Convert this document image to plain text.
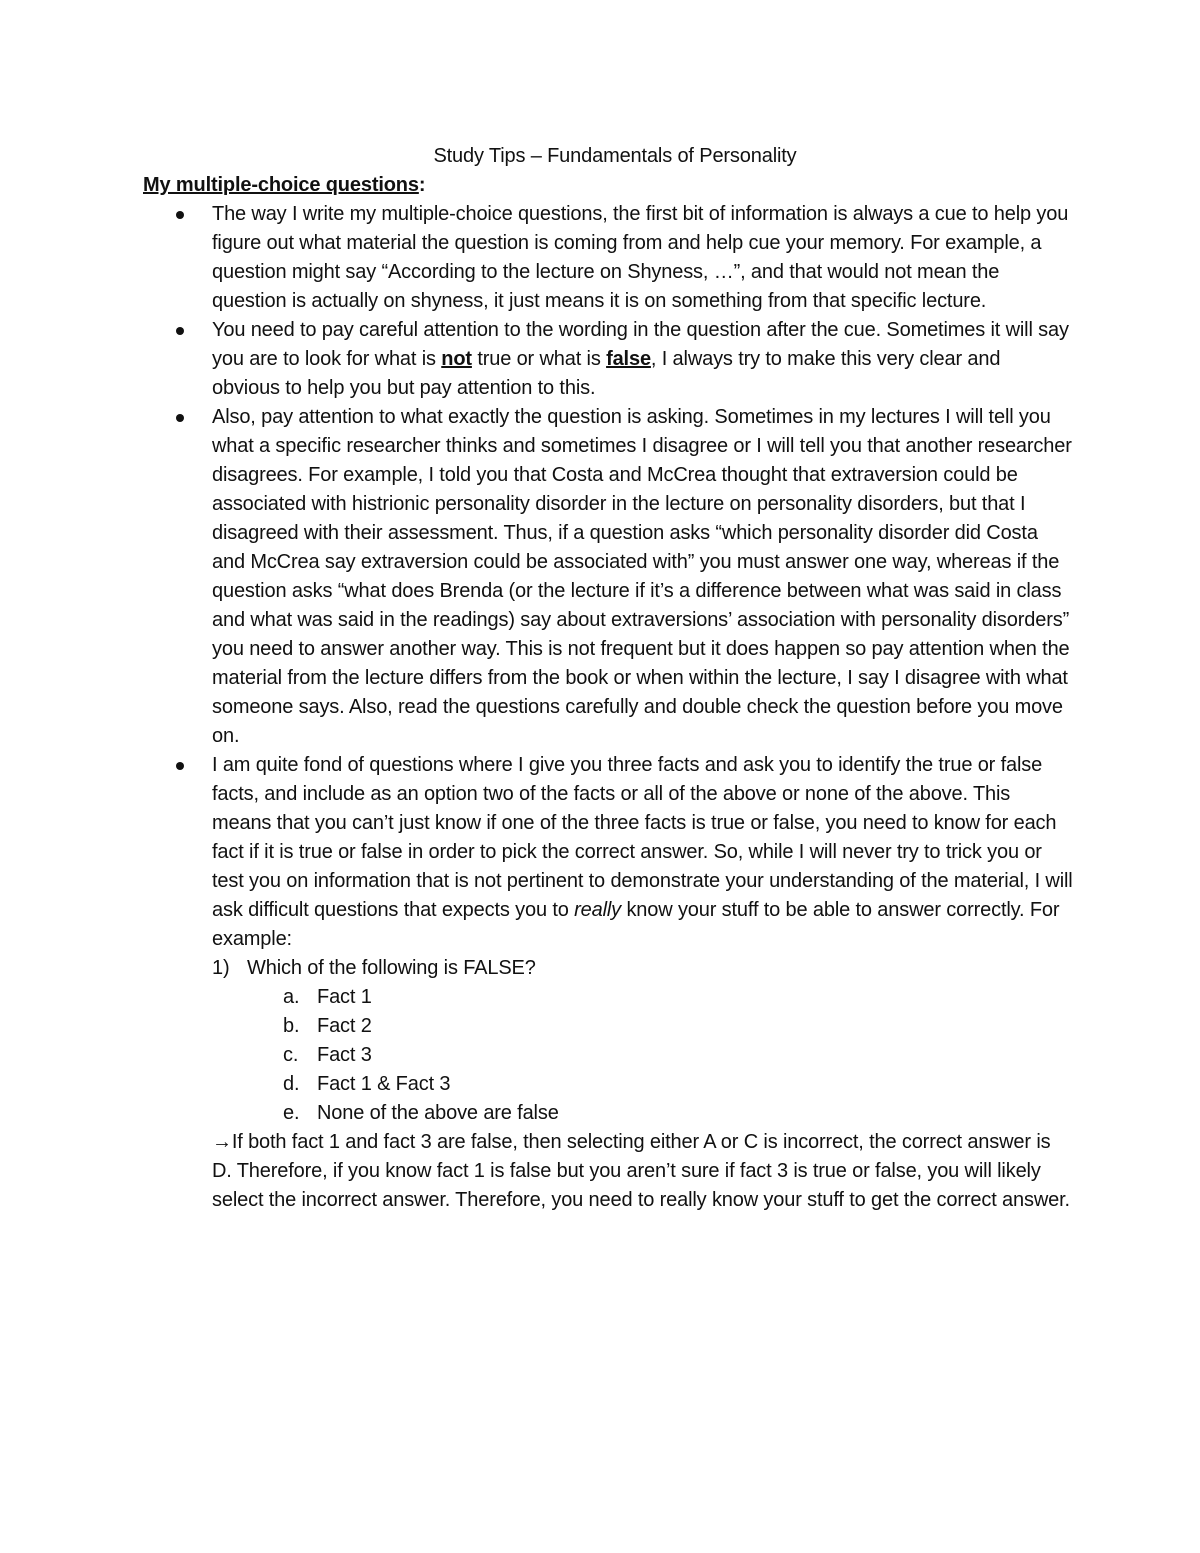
Study Tips – Fundamentals of Personality

My multiple-choice questions:

The way I write my multiple-choice questions, the first bit of information is always a cue to help you figure out what material the question is coming from and help cue your memory. For example, a question might say “According to the lecture on Shyness, …”, and that would not mean the question is actually on shyness, it just means it is on something from that specific lecture.
You need to pay careful attention to the wording in the question after the cue. Sometimes it will say you are to look for what is not true or what is false, I always try to make this very clear and obvious to help you but pay attention to this.
Also, pay attention to what exactly the question is asking. Sometimes in my lectures I will tell you what a specific researcher thinks and sometimes I disagree or I will tell you that another researcher disagrees. For example, I told you that Costa and McCrea thought that extraversion could be associated with histrionic personality disorder in the lecture on personality disorders, but that I disagreed with their assessment. Thus, if a question asks “which personality disorder did Costa and McCrea say extraversion could be associated with” you must answer one way, whereas if the question asks “what does Brenda (or the lecture if it’s a difference between what was said in class and what was said in the readings) say about extraversions’ association with personality disorders” you need to answer another way. This is not frequent but it does happen so pay attention when the material from the lecture differs from the book or when within the lecture, I say I disagree with what someone says. Also, read the questions carefully and double check the question before you move on.
I am quite fond of questions where I give you three facts and ask you to identify the true or false facts, and include as an option two of the facts or all of the above or none of the above. This means that you can’t just know if one of the three facts is true or false, you need to know for each fact if it is true or false in order to pick the correct answer. So, while I will never try to trick you or test you on information that is not pertinent to demonstrate your understanding of the material, I will ask difficult questions that expects you to really know your stuff to be able to answer correctly. For example:
1) Which of the following is FALSE?
a. Fact 1
b. Fact 2
c. Fact 3
d. Fact 1 & Fact 3
e. None of the above are false
→If both fact 1 and fact 3 are false, then selecting either A or C is incorrect, the correct answer is D. Therefore, if you know fact 1 is false but you aren’t sure if fact 3 is true or false, you will likely select the incorrect answer. Therefore, you need to really know your stuff to get the correct answer.
